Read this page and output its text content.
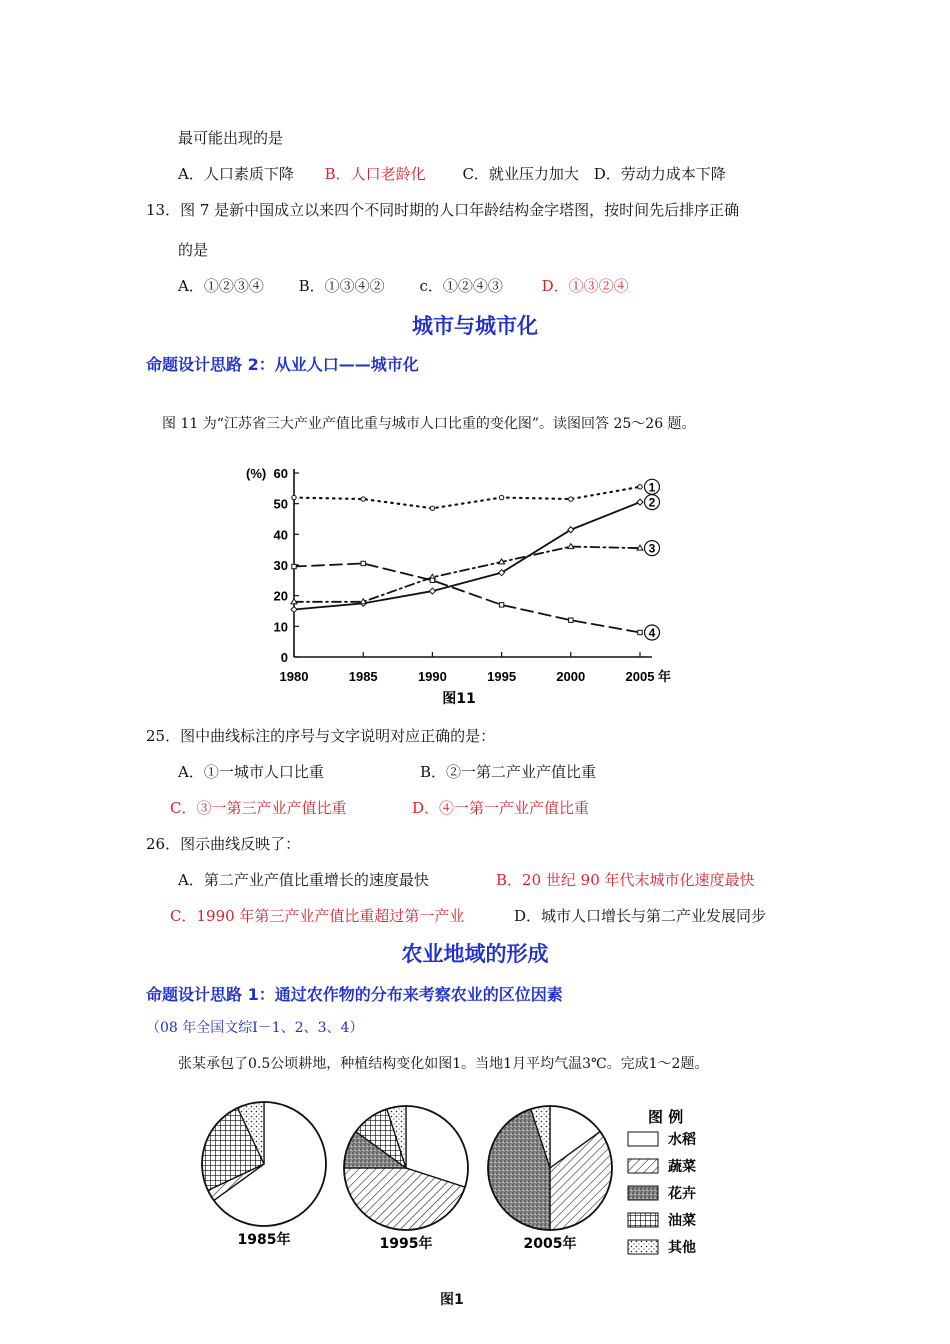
最可能出现的是
A．人口素质下降 B．人口老龄化 C．就业压力加大 D．劳动力成本下降
13．图 7 是新中国成立以来四个不同时期的人口年龄结构金字塔图，按时间先后排序正确
的是
A．①②③④ B．①③④② c．①②④③	D．①③②④
城市与城市化
命题设计思路 2：从业人口——城市化
图 11 为“江苏省三大产业产值比重与城市人口比重的变化图”。读图回答 25～26 题。
0
10
20
30
40
50
60
(%)
1980	1985	1990	1995	2000	2005 年
1
2
3
4
图11
25．图中曲线标注的序号与文字说明对应正确的是：
A．①一城市人口比重	B．②一第二产业产值比重
C．③一第三产业产值比重	D．④一第一产业产值比重
26．图示曲线反映了：
A．第二产业产值比重增长的速度最快	B．20 世纪 90 年代末城市化速度最快
C．1990 年第三产业产值比重超过第一产业	D．城市人口增长与第二产业发展同步
农业地域的形成
命题设计思路 1：通过农作物的分布来考察农业的区位因素
（08 年全国文综Ⅰ－1、2、3、4）
张某承包了0.5公顷耕地，种植结构变化如图1。当地1月平均气温3℃。完成1～2题。
1985年	1995年	2005年
图 例
水稻
蔬菜
花卉
油菜
其他
图1
